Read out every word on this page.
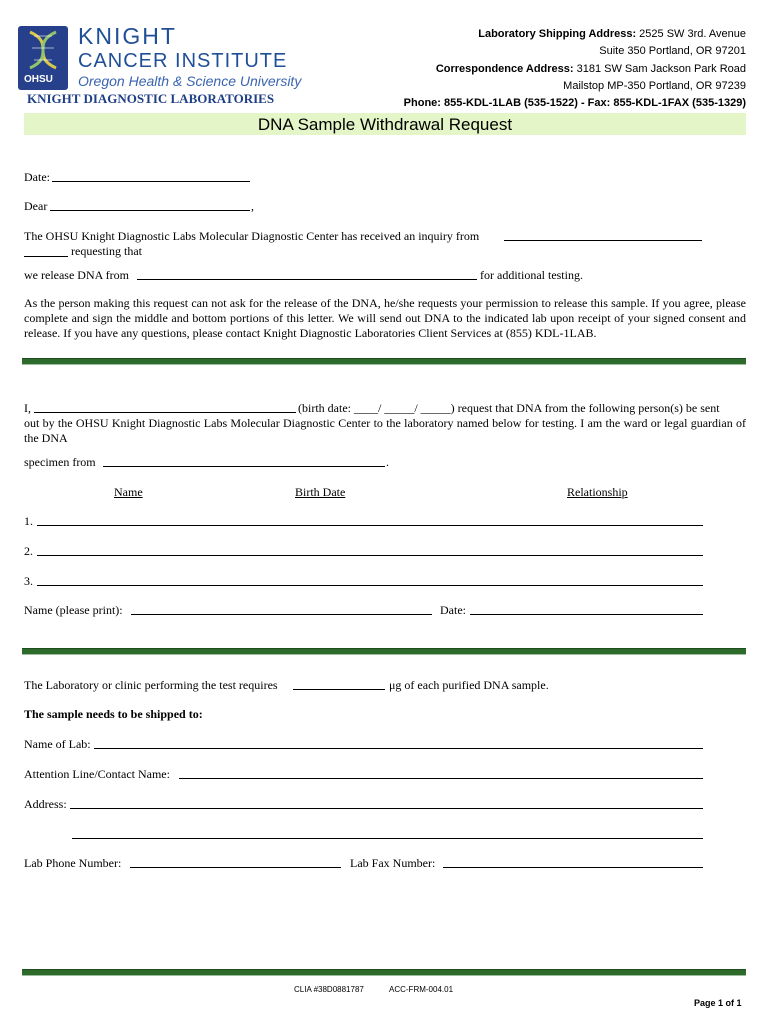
OHSU
KNIGHT
CANCER INSTITUTE
Oregon Health & Science University
KNIGHT DIAGNOSTIC LABORATORIES
Laboratory Shipping Address: 2525 SW 3rd. Avenue
Suite 350 Portland, OR 97201
Correspondence Address: 3181 SW Sam Jackson Park Road
Mailstop MP-350 Portland, OR 97239
Phone: 855-KDL-1LAB (535-1522) - Fax: 855-KDL-1FAX (535-1329)
DNA Sample Withdrawal Request
Date:
Dear	,
The OHSU Knight Diagnostic Labs Molecular Diagnostic Center has received an inquiry from
requesting that
we release DNA from	for additional testing.
As the person making this request can not ask for the release of the DNA, he/she requests your permission to release this sample. If you agree, please complete and sign the middle and bottom portions of this letter. We will send out DNA to the indicated lab upon receipt of your signed consent and release. If you have any questions, please contact Knight Diagnostic Laboratories Client Services at (855) KDL-1LAB.
I,	(birth date: ____/ _____/ _____) request that DNA from the following person(s) be sent
out by the OHSU Knight Diagnostic Labs Molecular Diagnostic Center to the laboratory named below for testing. I am the ward or legal guardian of the DNA
specimen from	.
Name	Birth Date	Relationship
1.
2.
3.
Name (please print):	Date:
The Laboratory or clinic performing the test requires	μg of each purified DNA sample.
The sample needs to be shipped to:
Name of Lab:
Attention Line/Contact Name:
Address:
Lab Phone Number:	Lab Fax Number:
CLIA #38D0881787	ACC-FRM-004.01
Page 1 of 1
